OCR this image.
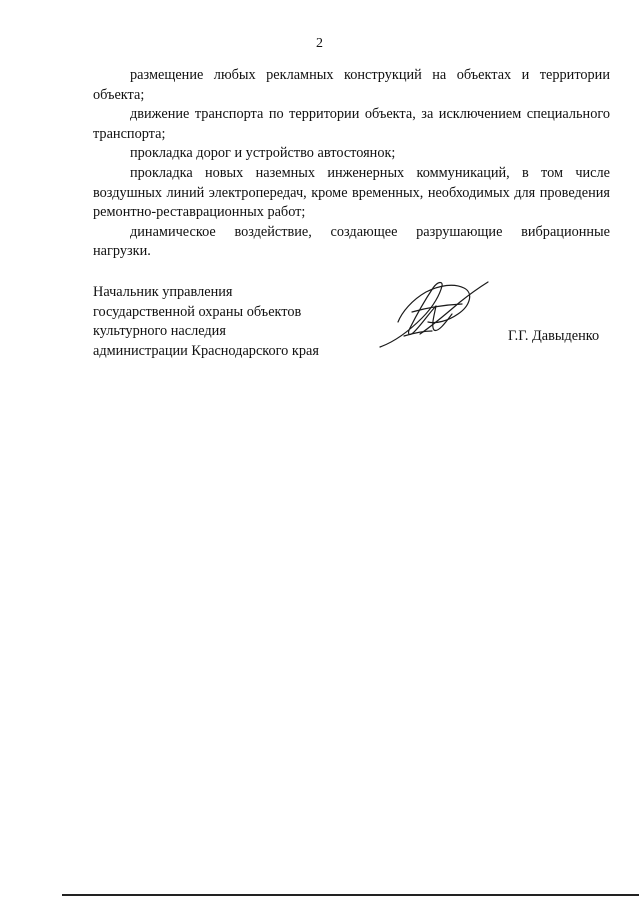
2

размещение любых рекламных конструкций на объектах и территории объекта;

движение транспорта по территории объекта, за исключением специального транспорта;

прокладка дорог и устройство автостоянок;

прокладка новых наземных инженерных коммуникаций, в том числе воздушных линий электропередач, кроме временных, необходимых для проведения ремонтно-реставрационных работ;

динамическое воздействие, создающее разрушающие вибрационные нагрузки.

Начальник управления
государственной охраны объектов
культурного наследия
администрации Краснодарского края
Г.Г. Давыденко
